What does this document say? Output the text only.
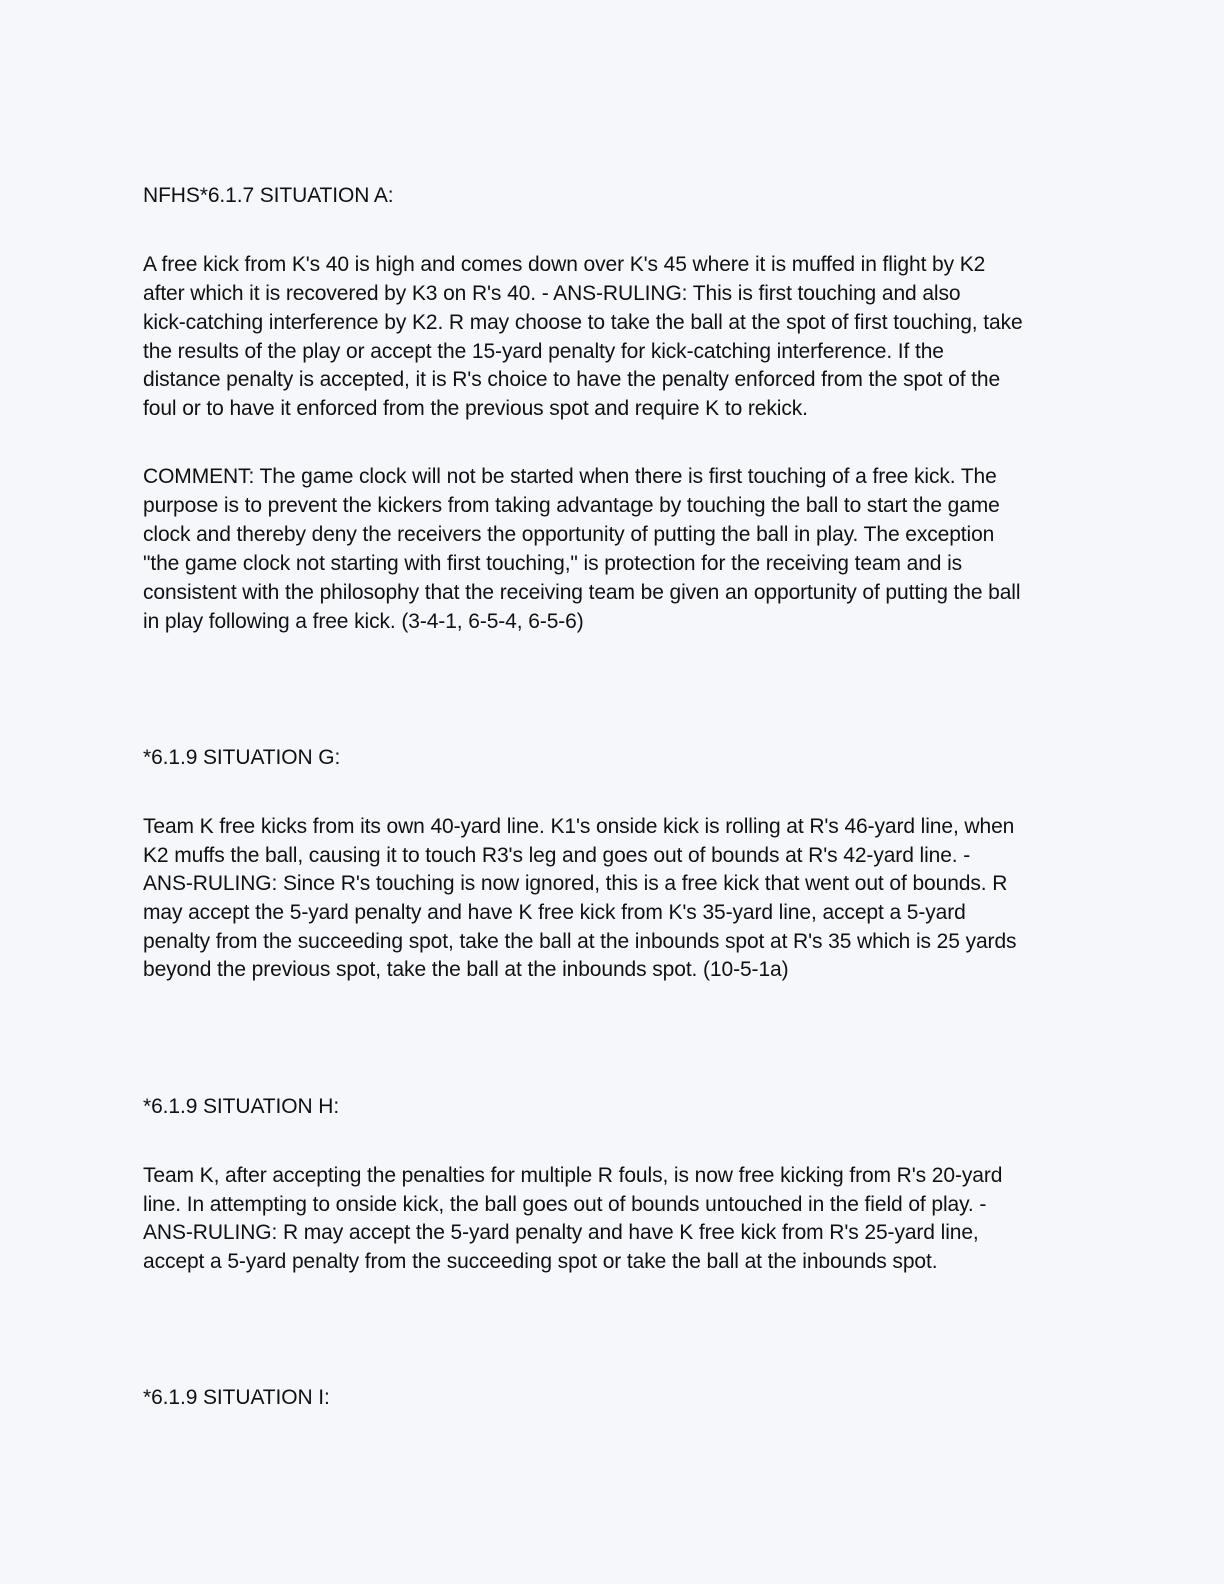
NFHS*6.1.7 SITUATION A:
A free kick from K's 40 is high and comes down over K's 45 where it is muffed in flight by K2
after which it is recovered by K3 on R's 40. - ANS-RULING: This is first touching and also
kick-catching interference by K2. R may choose to take the ball at the spot of first touching, take
the results of the play or accept the 15-yard penalty for kick-catching interference. If the
distance penalty is accepted, it is R's choice to have the penalty enforced from the spot of the
foul or to have it enforced from the previous spot and require K to rekick.
COMMENT: The game clock will not be started when there is first touching of a free kick. The
purpose is to prevent the kickers from taking advantage by touching the ball to start the game
clock and thereby deny the receivers the opportunity of putting the ball in play. The exception
"the game clock not starting with first touching," is protection for the receiving team and is
consistent with the philosophy that the receiving team be given an opportunity of putting the ball
in play following a free kick. (3-4-1, 6-5-4, 6-5-6)
*6.1.9 SITUATION G:
Team K free kicks from its own 40-yard line. K1's onside kick is rolling at R's 46-yard line, when
K2 muffs the ball, causing it to touch R3's leg and goes out of bounds at R's 42-yard line. -
ANS-RULING: Since R's touching is now ignored, this is a free kick that went out of bounds. R
may accept the 5-yard penalty and have K free kick from K's 35-yard line, accept a 5-yard
penalty from the succeeding spot, take the ball at the inbounds spot at R's 35 which is 25 yards
beyond the previous spot, take the ball at the inbounds spot. (10-5-1a)
*6.1.9 SITUATION H:
Team K, after accepting the penalties for multiple R fouls, is now free kicking from R's 20-yard
line. In attempting to onside kick, the ball goes out of bounds untouched in the field of play. -
ANS-RULING: R may accept the 5-yard penalty and have K free kick from R's 25-yard line,
accept a 5-yard penalty from the succeeding spot or take the ball at the inbounds spot.
*6.1.9 SITUATION I:
